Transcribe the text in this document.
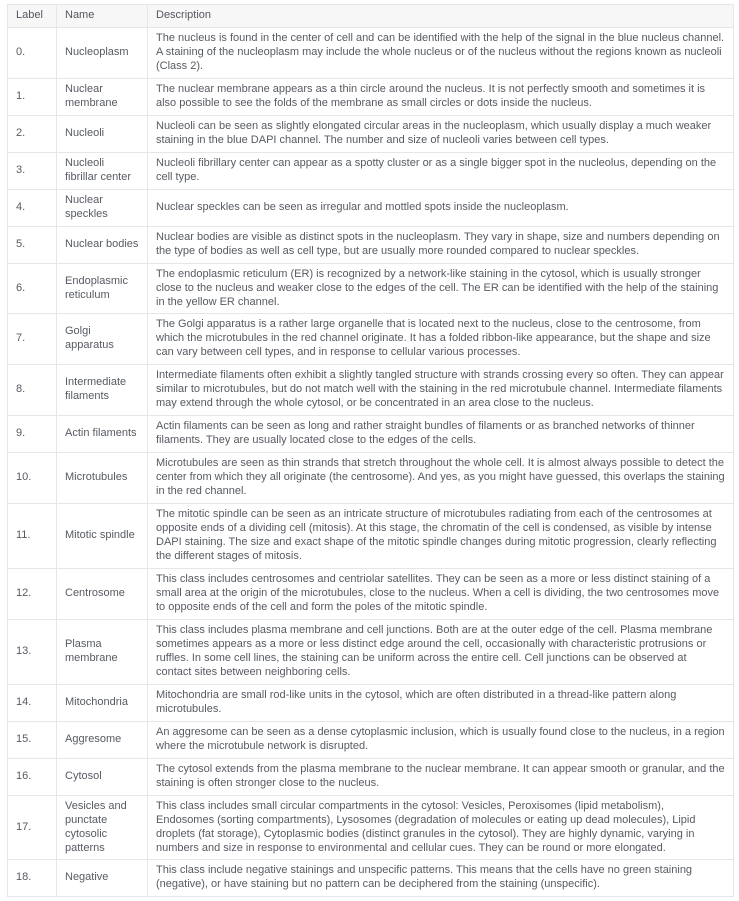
Label	Name	Description
0.	Nucleoplasm	The nucleus is found in the center of cell and can be identified with the help of the signal in the blue nucleus channel. A staining of the nucleoplasm may include the whole nucleus or of the nucleus without the regions known as nucleoli (Class 2).
1.	Nuclear membrane	The nuclear membrane appears as a thin circle around the nucleus. It is not perfectly smooth and sometimes it is also possible to see the folds of the membrane as small circles or dots inside the nucleus.
2.	Nucleoli	Nucleoli can be seen as slightly elongated circular areas in the nucleoplasm, which usually display a much weaker staining in the blue DAPI channel. The number and size of nucleoli varies between cell types.
3.	Nucleoli fibrillar center	Nucleoli fibrillary center can appear as a spotty cluster or as a single bigger spot in the nucleolus, depending on the cell type.
4.	Nuclear speckles	Nuclear speckles can be seen as irregular and mottled spots inside the nucleoplasm.
5.	Nuclear bodies	Nuclear bodies are visible as distinct spots in the nucleoplasm. They vary in shape, size and numbers depending on the type of bodies as well as cell type, but are usually more rounded compared to nuclear speckles.
6.	Endoplasmic reticulum	The endoplasmic reticulum (ER) is recognized by a network-like staining in the cytosol, which is usually stronger close to the nucleus and weaker close to the edges of the cell. The ER can be identified with the help of the staining in the yellow ER channel.
7.	Golgi apparatus	The Golgi apparatus is a rather large organelle that is located next to the nucleus, close to the centrosome, from which the microtubules in the red channel originate. It has a folded ribbon-like appearance, but the shape and size can vary between cell types, and in response to cellular various processes.
8.	Intermediate filaments	Intermediate filaments often exhibit a slightly tangled structure with strands crossing every so often. They can appear similar to microtubules, but do not match well with the staining in the red microtubule channel. Intermediate filaments may extend through the whole cytosol, or be concentrated in an area close to the nucleus.
9.	Actin filaments	Actin filaments can be seen as long and rather straight bundles of filaments or as branched networks of thinner filaments. They are usually located close to the edges of the cells.
10.	Microtubules	Microtubules are seen as thin strands that stretch throughout the whole cell. It is almost always possible to detect the center from which they all originate (the centrosome). And yes, as you might have guessed, this overlaps the staining in the red channel.
11.	Mitotic spindle	The mitotic spindle can be seen as an intricate structure of microtubules radiating from each of the centrosomes at opposite ends of a dividing cell (mitosis). At this stage, the chromatin of the cell is condensed, as visible by intense DAPI staining. The size and exact shape of the mitotic spindle changes during mitotic progression, clearly reflecting the different stages of mitosis.
12.	Centrosome	This class includes centrosomes and centriolar satellites. They can be seen as a more or less distinct staining of a small area at the origin of the microtubules, close to the nucleus. When a cell is dividing, the two centrosomes move to opposite ends of the cell and form the poles of the mitotic spindle.
13.	Plasma membrane	This class includes plasma membrane and cell junctions. Both are at the outer edge of the cell. Plasma membrane sometimes appears as a more or less distinct edge around the cell, occasionally with characteristic protrusions or ruffles. In some cell lines, the staining can be uniform across the entire cell. Cell junctions can be observed at contact sites between neighboring cells.
14.	Mitochondria	Mitochondria are small rod-like units in the cytosol, which are often distributed in a thread-like pattern along microtubules.
15.	Aggresome	An aggresome can be seen as a dense cytoplasmic inclusion, which is usually found close to the nucleus, in a region where the microtubule network is disrupted.
16.	Cytosol	The cytosol extends from the plasma membrane to the nuclear membrane. It can appear smooth or granular, and the staining is often stronger close to the nucleus.
17.	Vesicles and punctate cytosolic patterns	This class includes small circular compartments in the cytosol: Vesicles, Peroxisomes (lipid metabolism), Endosomes (sorting compartments), Lysosomes (degradation of molecules or eating up dead molecules), Lipid droplets (fat storage), Cytoplasmic bodies (distinct granules in the cytosol). They are highly dynamic, varying in numbers and size in response to environmental and cellular cues. They can be round or more elongated.
18.	Negative	This class include negative stainings and unspecific patterns. This means that the cells have no green staining (negative), or have staining but no pattern can be deciphered from the staining (unspecific).
